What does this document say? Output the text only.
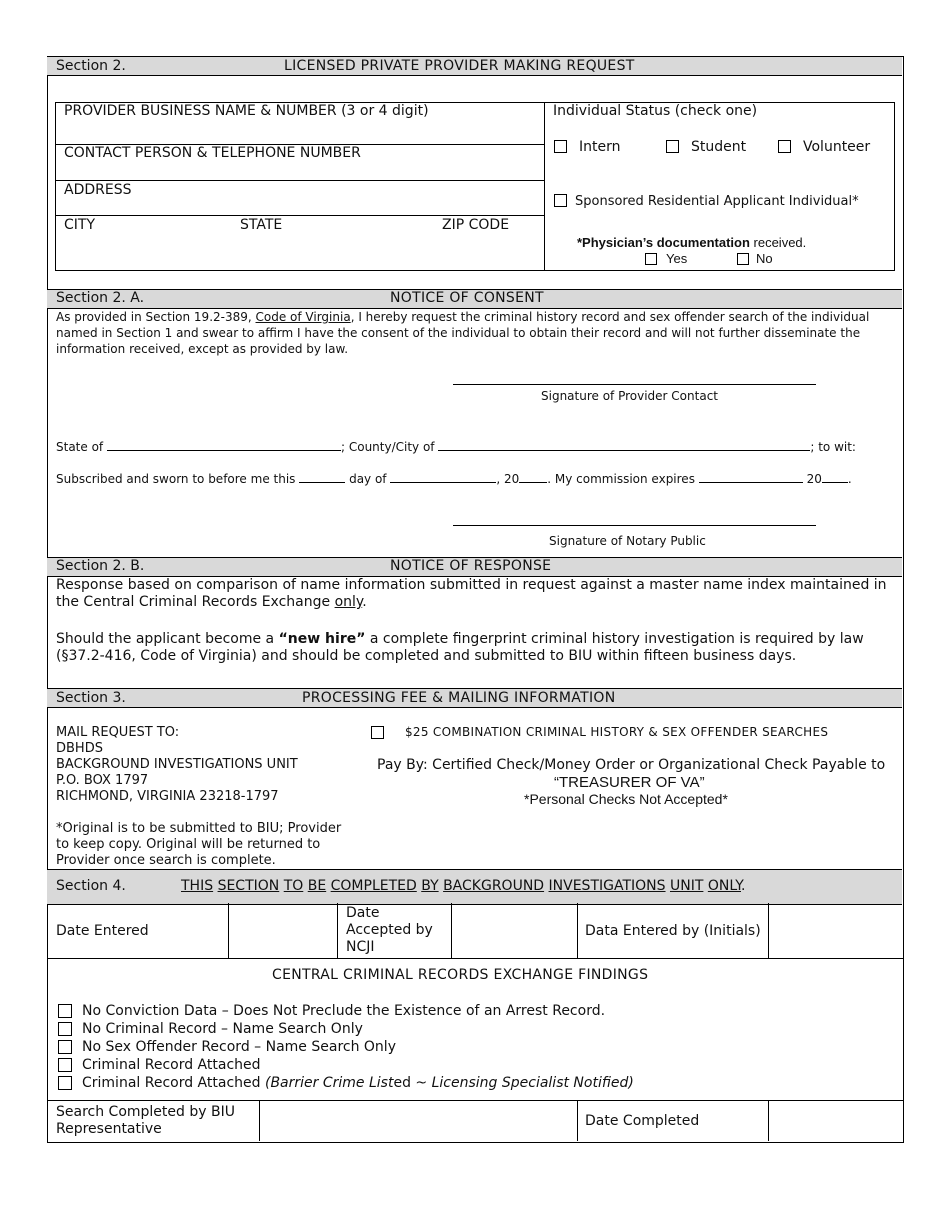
Section 2.	LICENSED PRIVATE PROVIDER MAKING REQUEST
PROVIDER BUSINESS NAME & NUMBER (3 or 4 digit)
CONTACT PERSON & TELEPHONE NUMBER
ADDRESS
CITY	STATE	ZIP CODE
Individual Status (check one)
Intern	Student	Volunteer
Sponsored Residential Applicant Individual*
*Physician’s documentation received.
Yes	No
Section 2. A.	NOTICE OF CONSENT
As provided in Section 19.2-389, Code of Virginia, I hereby request the criminal history record and sex offender search of the individual named in Section 1 and swear to affirm I have the consent of the individual to obtain their record and will not further disseminate the information received, except as provided by law.
Signature of Provider Contact
State of	; County/City of	; to wit:
Subscribed and sworn to before me this	day of	, 20 . My commission expires	20 .
Signature of Notary Public
Section 2. B.	NOTICE OF RESPONSE
Response based on comparison of name information submitted in request against a master name index maintained in the Central Criminal Records Exchange only.
Should the applicant become a “new hire” a complete fingerprint criminal history investigation is required by law (§37.2-416, Code of Virginia) and should be completed and submitted to BIU within fifteen business days.
Section 3.	PROCESSING FEE & MAILING INFORMATION
MAIL REQUEST TO:
DBHDS
BACKGROUND INVESTIGATIONS UNIT
P.O. BOX 1797
RICHMOND, VIRGINIA 23218-1797
*Original is to be submitted to BIU; Provider to keep copy. Original will be returned to Provider once search is complete.
$25 COMBINATION CRIMINAL HISTORY & SEX OFFENDER SEARCHES
Pay By: Certified Check/Money Order or Organizational Check Payable to
“TREASURER OF VA”
*Personal Checks Not Accepted*
Section 4.	THIS SECTION TO BE COMPLETED BY BACKGROUND INVESTIGATIONS UNIT ONLY.
Date Entered
Date Accepted by NCJI
Data Entered by (Initials)
CENTRAL CRIMINAL RECORDS EXCHANGE FINDINGS
No Conviction Data – Does Not Preclude the Existence of an Arrest Record.
No Criminal Record – Name Search Only
No Sex Offender Record – Name Search Only
Criminal Record Attached
Criminal Record Attached (Barrier Crime Listed ~ Licensing Specialist Notified)
Search Completed by BIU Representative	Date Completed
